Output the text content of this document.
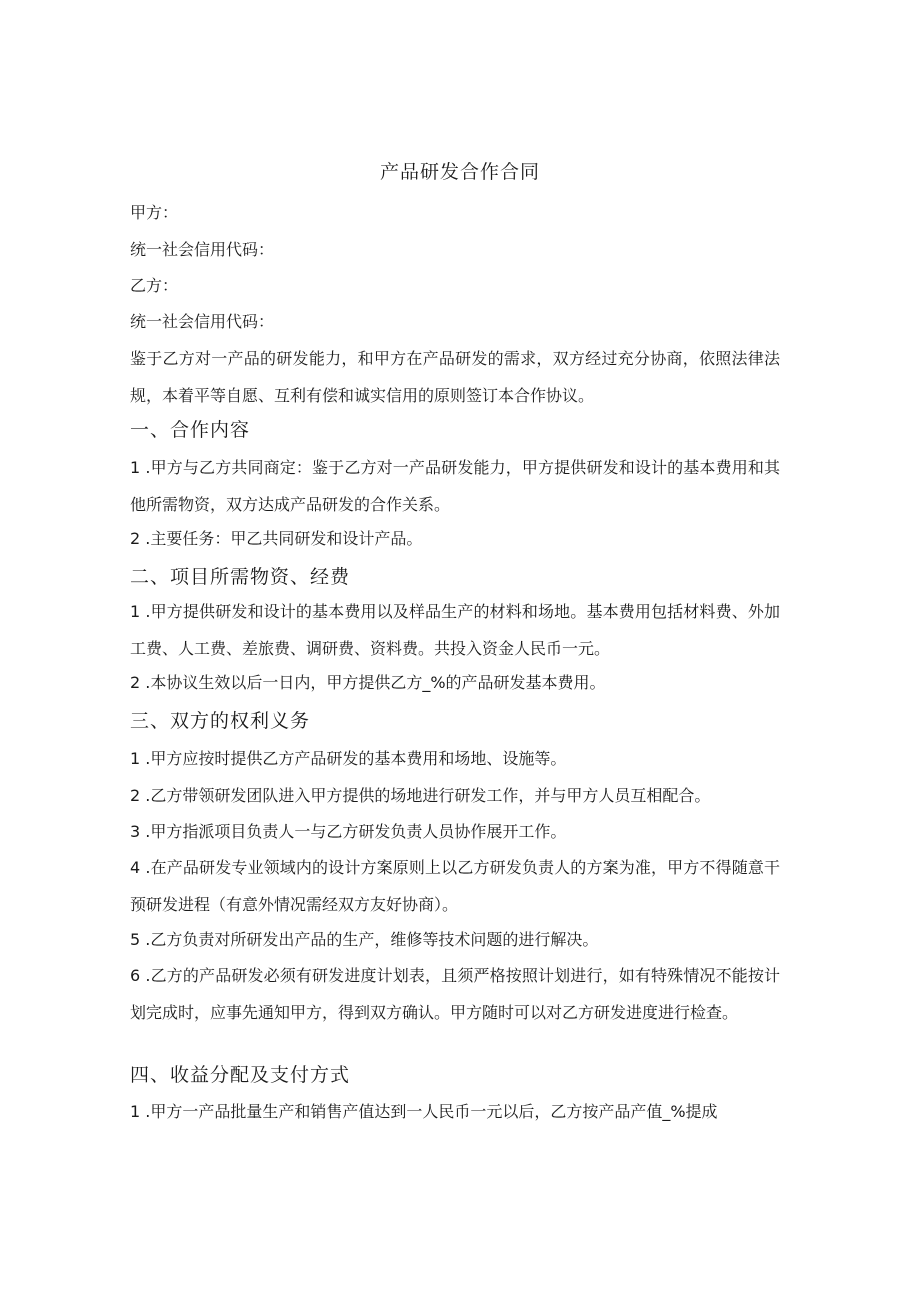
产品研发合作合同
甲方：
统一社会信用代码：
乙方：
统一社会信用代码：
鉴于乙方对一产品的研发能力，和甲方在产品研发的需求，双方经过充分协商，依照法律法规，本着平等自愿、互利有偿和诚实信用的原则签订本合作协议。
一、合作内容
1 .甲方与乙方共同商定：鉴于乙方对一产品研发能力，甲方提供研发和设计的基本费用和其他所需物资，双方达成产品研发的合作关系。
2 .主要任务：甲乙共同研发和设计产品。
二、项目所需物资、经费
1 .甲方提供研发和设计的基本费用以及样品生产的材料和场地。基本费用包括材料费、外加工费、人工费、差旅费、调研费、资料费。共投入资金人民币一元。
2 .本协议生效以后一日内，甲方提供乙方_%的产品研发基本费用。
三、双方的权利义务
1 .甲方应按时提供乙方产品研发的基本费用和场地、设施等。
2 .乙方带领研发团队进入甲方提供的场地进行研发工作，并与甲方人员互相配合。
3 .甲方指派项目负责人一与乙方研发负责人员协作展开工作。
4 .在产品研发专业领域内的设计方案原则上以乙方研发负责人的方案为准，甲方不得随意干预研发进程（有意外情况需经双方友好协商）。
5 .乙方负责对所研发出产品的生产，维修等技术问题的进行解决。
6 .乙方的产品研发必须有研发进度计划表，且须严格按照计划进行，如有特殊情况不能按计划完成时，应事先通知甲方，得到双方确认。甲方随时可以对乙方研发进度进行检查。
四、收益分配及支付方式
1 .甲方一产品批量生产和销售产值达到一人民币一元以后，乙方按产品产值_%提成
